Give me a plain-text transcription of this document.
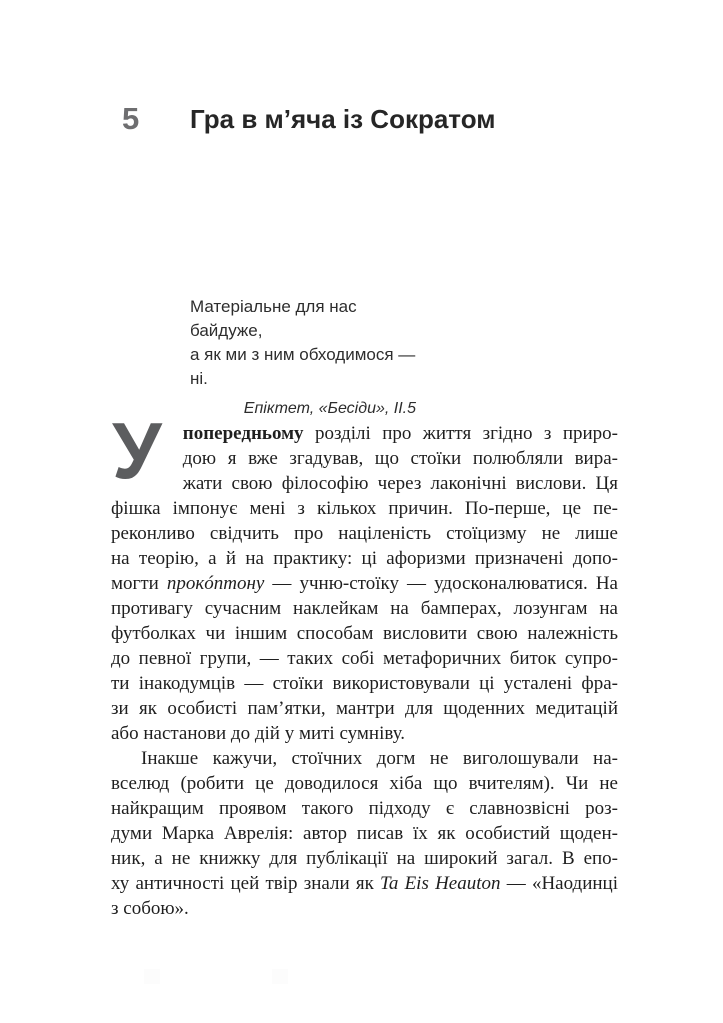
5 Гра в м’яча із Сократом
Матеріальне для нас байдуже,
а як ми з ним обходимося — ні.
Епіктет, «Бесіди», II.5
У	попередньому розділі про життя згідно з приро-
дою я вже згадував, що стоїки полюбляли вира-
жати свою філософію через лаконічні вислови. Ця
фішка імпонує мені з кількох причин. По-перше, це пе-
реконливо свідчить про націленість стоїцизму не лише
на теорію, а й на практику: ці афоризми призначені допо-
могти прокóптону — учню-стоїку — удосконалюватися. На
противагу сучасним наклейкам на бамперах, лозунгам на
футболках чи іншим способам висловити свою належність
до певної групи, — таких собі метафоричних биток супро-
ти інакодумців — стоїки використовували ці усталені фра-
зи як особисті пам’ятки, мантри для щоденних медитацій
або настанови до дій у миті сумніву.
Інакше кажучи, стоїчних догм не виголошували на-
вселюд (робити це доводилося хіба що вчителям). Чи не
найкращим проявом такого підходу є славнозвісні роз-
думи Марка Аврелія: автор писав їх як особистий щоден-
ник, а не книжку для публікації на широкий загал. В епо-
ху античності цей твір знали як Ta Eis Heauton — «Наодинці
з собою».
